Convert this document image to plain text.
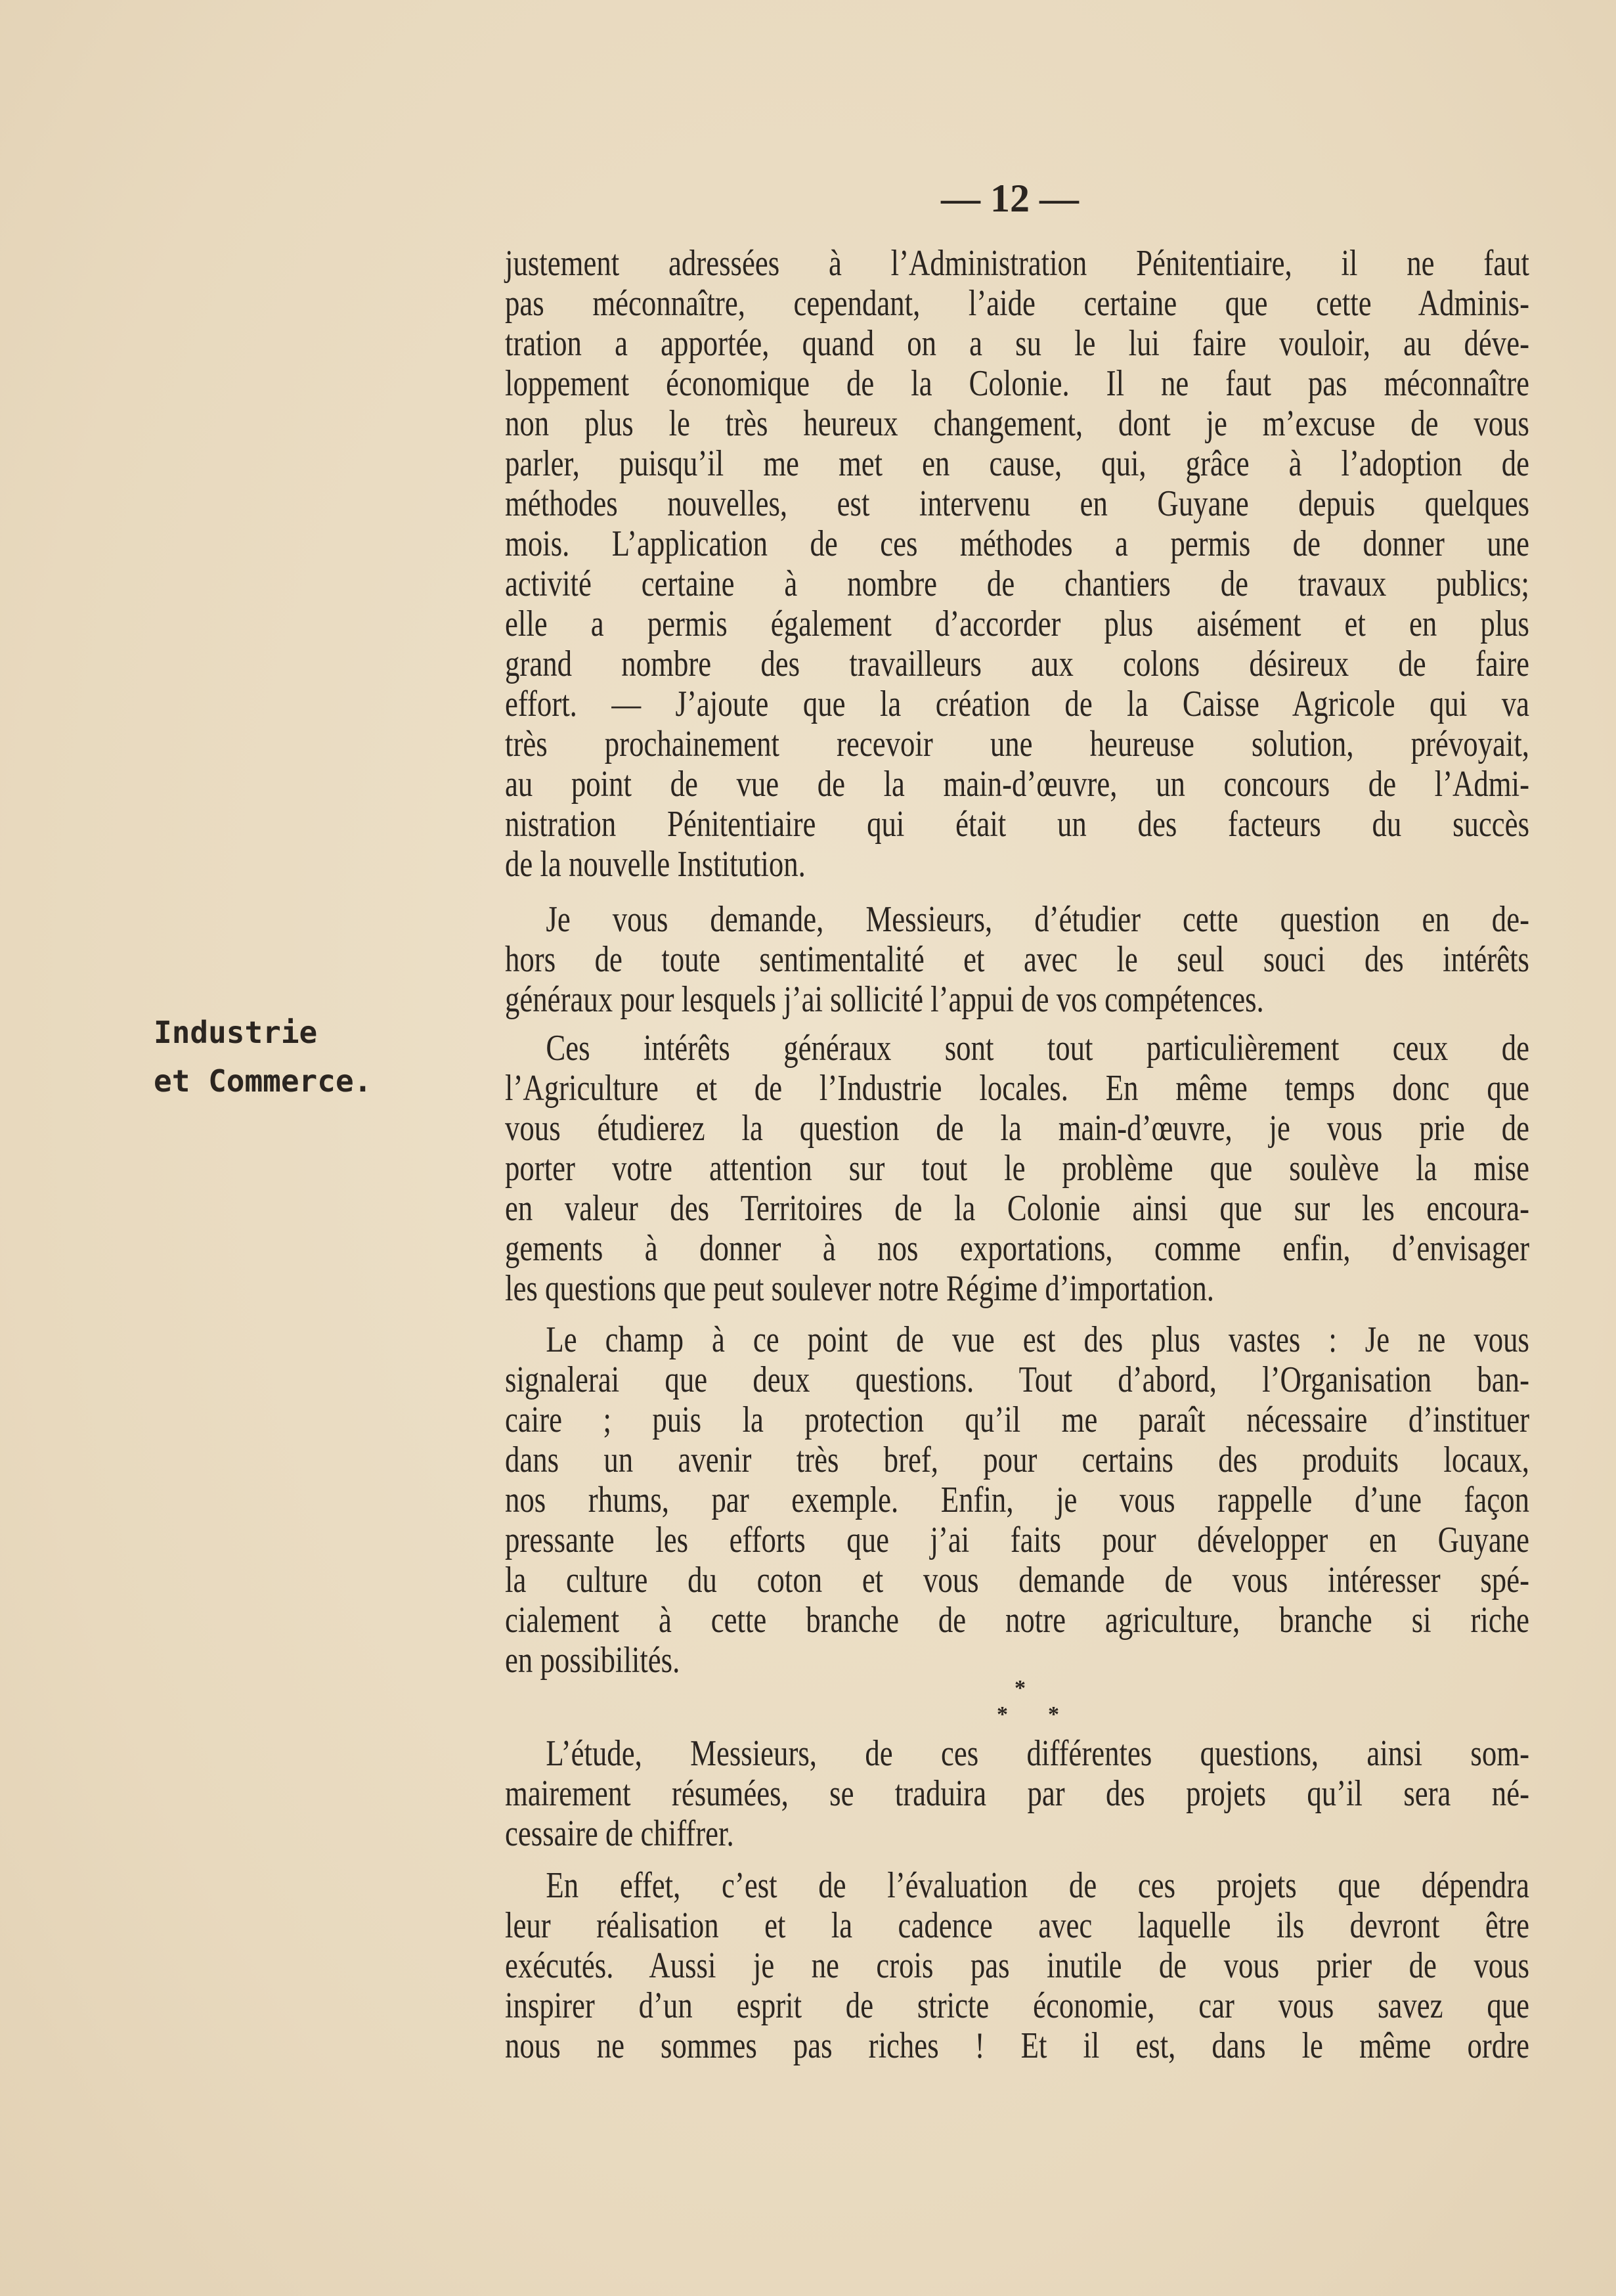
— 12 —
Industrie
et Commerce.
*
* *
justement adressées à l’Administration Pénitentiaire, il ne faut
pas méconnaître, cependant, l’aide certaine que cette Adminis-
tration a apportée, quand on a su le lui faire vouloir, au déve-
loppement économique de la Colonie. Il ne faut pas méconnaître
non plus le très heureux changement, dont je m’excuse de vous
parler, puisqu’il me met en cause, qui, grâce à l’adoption de
méthodes nouvelles, est intervenu en Guyane depuis quelques
mois. L’application de ces méthodes a permis de donner une
activité certaine à nombre de chantiers de travaux publics;
elle a permis également d’accorder plus aisément et en plus
grand nombre des travailleurs aux colons désireux de faire
effort. — J’ajoute que la création de la Caisse Agricole qui va
très prochainement recevoir une heureuse solution, prévoyait,
au point de vue de la main-d’œuvre, un concours de l’Admi-
nistration Pénitentiaire qui était un des facteurs du succès
de la nouvelle Institution.
Je vous demande, Messieurs, d’étudier cette question en de-
hors de toute sentimentalité et avec le seul souci des intérêts
généraux pour lesquels j’ai sollicité l’appui de vos compétences.
Ces intérêts généraux sont tout particulièrement ceux de
l’Agriculture et de l’Industrie locales. En même temps donc que
vous étudierez la question de la main-d’œuvre, je vous prie de
porter votre attention sur tout le problème que soulève la mise
en valeur des Territoires de la Colonie ainsi que sur les encoura-
gements à donner à nos exportations, comme enfin, d’envisager
les questions que peut soulever notre Régime d’importation.
Le champ à ce point de vue est des plus vastes : Je ne vous
signalerai que deux questions. Tout d’abord, l’Organisation ban-
caire ; puis la protection qu’il me paraît nécessaire d’instituer
dans un avenir très bref, pour certains des produits locaux,
nos rhums, par exemple. Enfin, je vous rappelle d’une façon
pressante les efforts que j’ai faits pour développer en Guyane
la culture du coton et vous demande de vous intéresser spé-
cialement à cette branche de notre agriculture, branche si riche
en possibilités.
L’étude, Messieurs, de ces différentes questions, ainsi som-
mairement résumées, se traduira par des projets qu’il sera né-
cessaire de chiffrer.
En effet, c’est de l’évaluation de ces projets que dépendra
leur réalisation et la cadence avec laquelle ils devront être
exécutés. Aussi je ne crois pas inutile de vous prier de vous
inspirer d’un esprit de stricte économie, car vous savez que
nous ne sommes pas riches ! Et il est, dans le même ordre
